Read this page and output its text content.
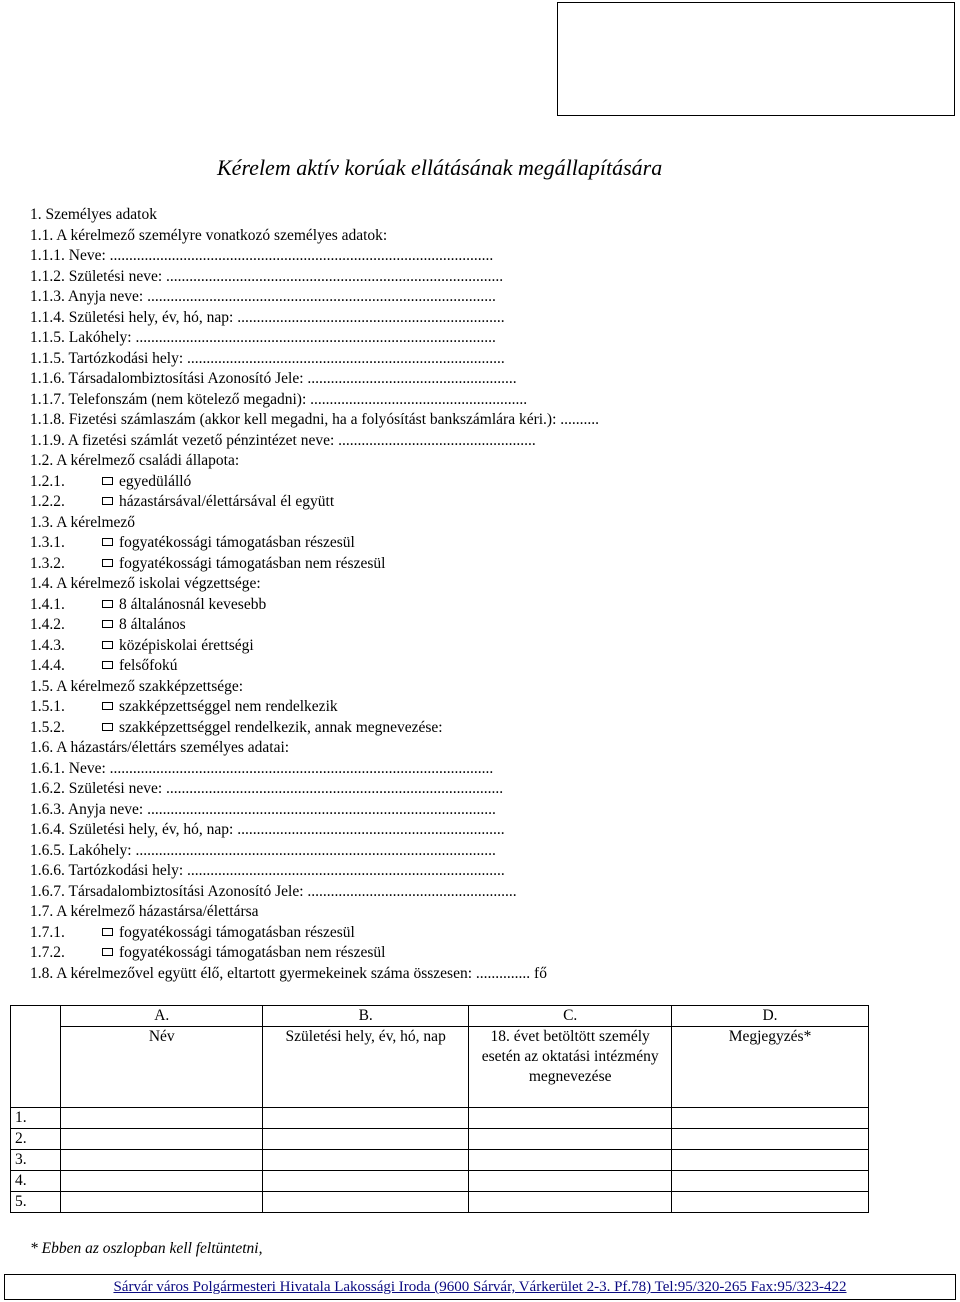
Kérelem aktív korúak ellátásának megállapítására
1. Személyes adatok
1.1. A kérelmező személyre vonatkozó személyes adatok:
1.1.1. Neve: ...................................................................................................
1.1.2. Születési neve: .......................................................................................
1.1.3. Anyja neve: ..........................................................................................
1.1.4. Születési hely, év, hó, nap: .....................................................................
1.1.5. Lakóhely: .............................................................................................
1.1.5. Tartózkodási hely: ..................................................................................
1.1.6. Társadalombiztosítási Azonosító Jele: ......................................................
1.1.7. Telefonszám (nem kötelező megadni): ........................................................
1.1.8. Fizetési számlaszám (akkor kell megadni, ha a folyósítást bankszámlára kéri.): ..........
1.1.9. A fizetési számlát vezető pénzintézet neve: ...................................................
1.2. A kérelmező családi állapota:
1.2.1.	egyedülálló
1.2.2.	házastársával/élettársával él együtt
1.3. A kérelmező
1.3.1.	fogyatékossági támogatásban részesül
1.3.2.	fogyatékossági támogatásban nem részesül
1.4. A kérelmező iskolai végzettsége:
1.4.1.	8 általánosnál kevesebb
1.4.2.	8 általános
1.4.3.	középiskolai érettségi
1.4.4.	felsőfokú
1.5. A kérelmező szakképzettsége:
1.5.1.	szakképzettséggel nem rendelkezik
1.5.2.	szakképzettséggel rendelkezik, annak megnevezése:
1.6. A házastárs/élettárs személyes adatai:
1.6.1. Neve: ...................................................................................................
1.6.2. Születési neve: .......................................................................................
1.6.3. Anyja neve: ..........................................................................................
1.6.4. Születési hely, év, hó, nap: .....................................................................
1.6.5. Lakóhely: .............................................................................................
1.6.6. Tartózkodási hely: ..................................................................................
1.6.7. Társadalombiztosítási Azonosító Jele: ......................................................
1.7. A kérelmező házastársa/élettársa
1.7.1.	fogyatékossági támogatásban részesül
1.7.2.	fogyatékossági támogatásban nem részesül
1.8. A kérelmezővel együtt élő, eltartott gyermekeinek száma összesen: .............. fő
	A.	B.	C.	D.
	Név	Születési hely, év, hó, nap	18. évet betöltött személy esetén az oktatási intézmény megnevezése	Megjegyzés*
1.				
2.				
3.				
4.				
5.				
* Ebben az oszlopban kell feltüntetni,
Sárvár város Polgármesteri Hivatala Lakossági Iroda (9600 Sárvár, Várkerület 2-3. Pf.78) Tel:95/320-265 Fax:95/323-422
